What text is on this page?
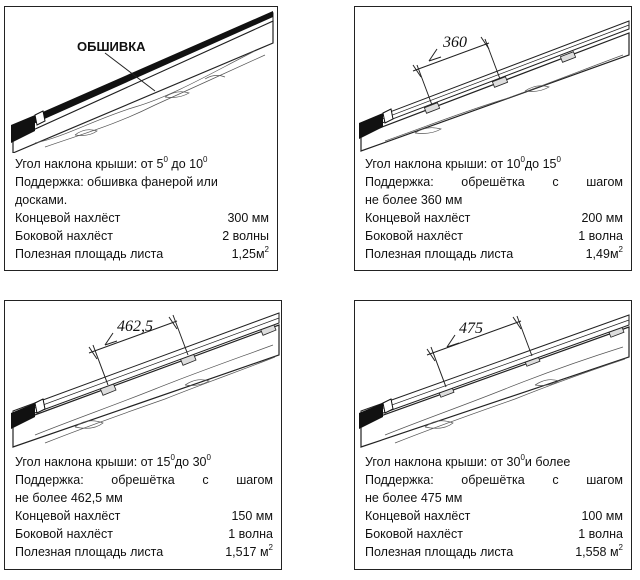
ОБШИВКА
Угол наклона крыши: от $5^0$ до $10^0$
Поддержка: обшивка фанерой или
досками.
Концевой нахлёст	300 мм
Боковой нахлёст	2 волны
Полезная площадь листа	$1,25м^2$
360
Угол наклона крыши: от $10^0до$ $15^0$
Поддержка: обрешётка с шагом
не более 360 мм
Концевой нахлёст	200 мм
Боковой нахлёст	1 волна
Полезная площадь листа	$1,49м^2$
462,5
Угол наклона крыши: от $15^0до$ $30^0$
Поддержка: обрешётка с шагом
не более 462,5 мм
Концевой нахлёст	150 мм
Боковой нахлёст	1 волна
Полезная площадь листа	1,517 $м^2$
475
Угол наклона крыши: от $30^0и$ более
Поддержка: обрешётка с шагом
не более 475 мм
Концевой нахлёст	100 мм
Боковой нахлёст	1 волна
Полезная площадь листа	1,558 $м^2$
